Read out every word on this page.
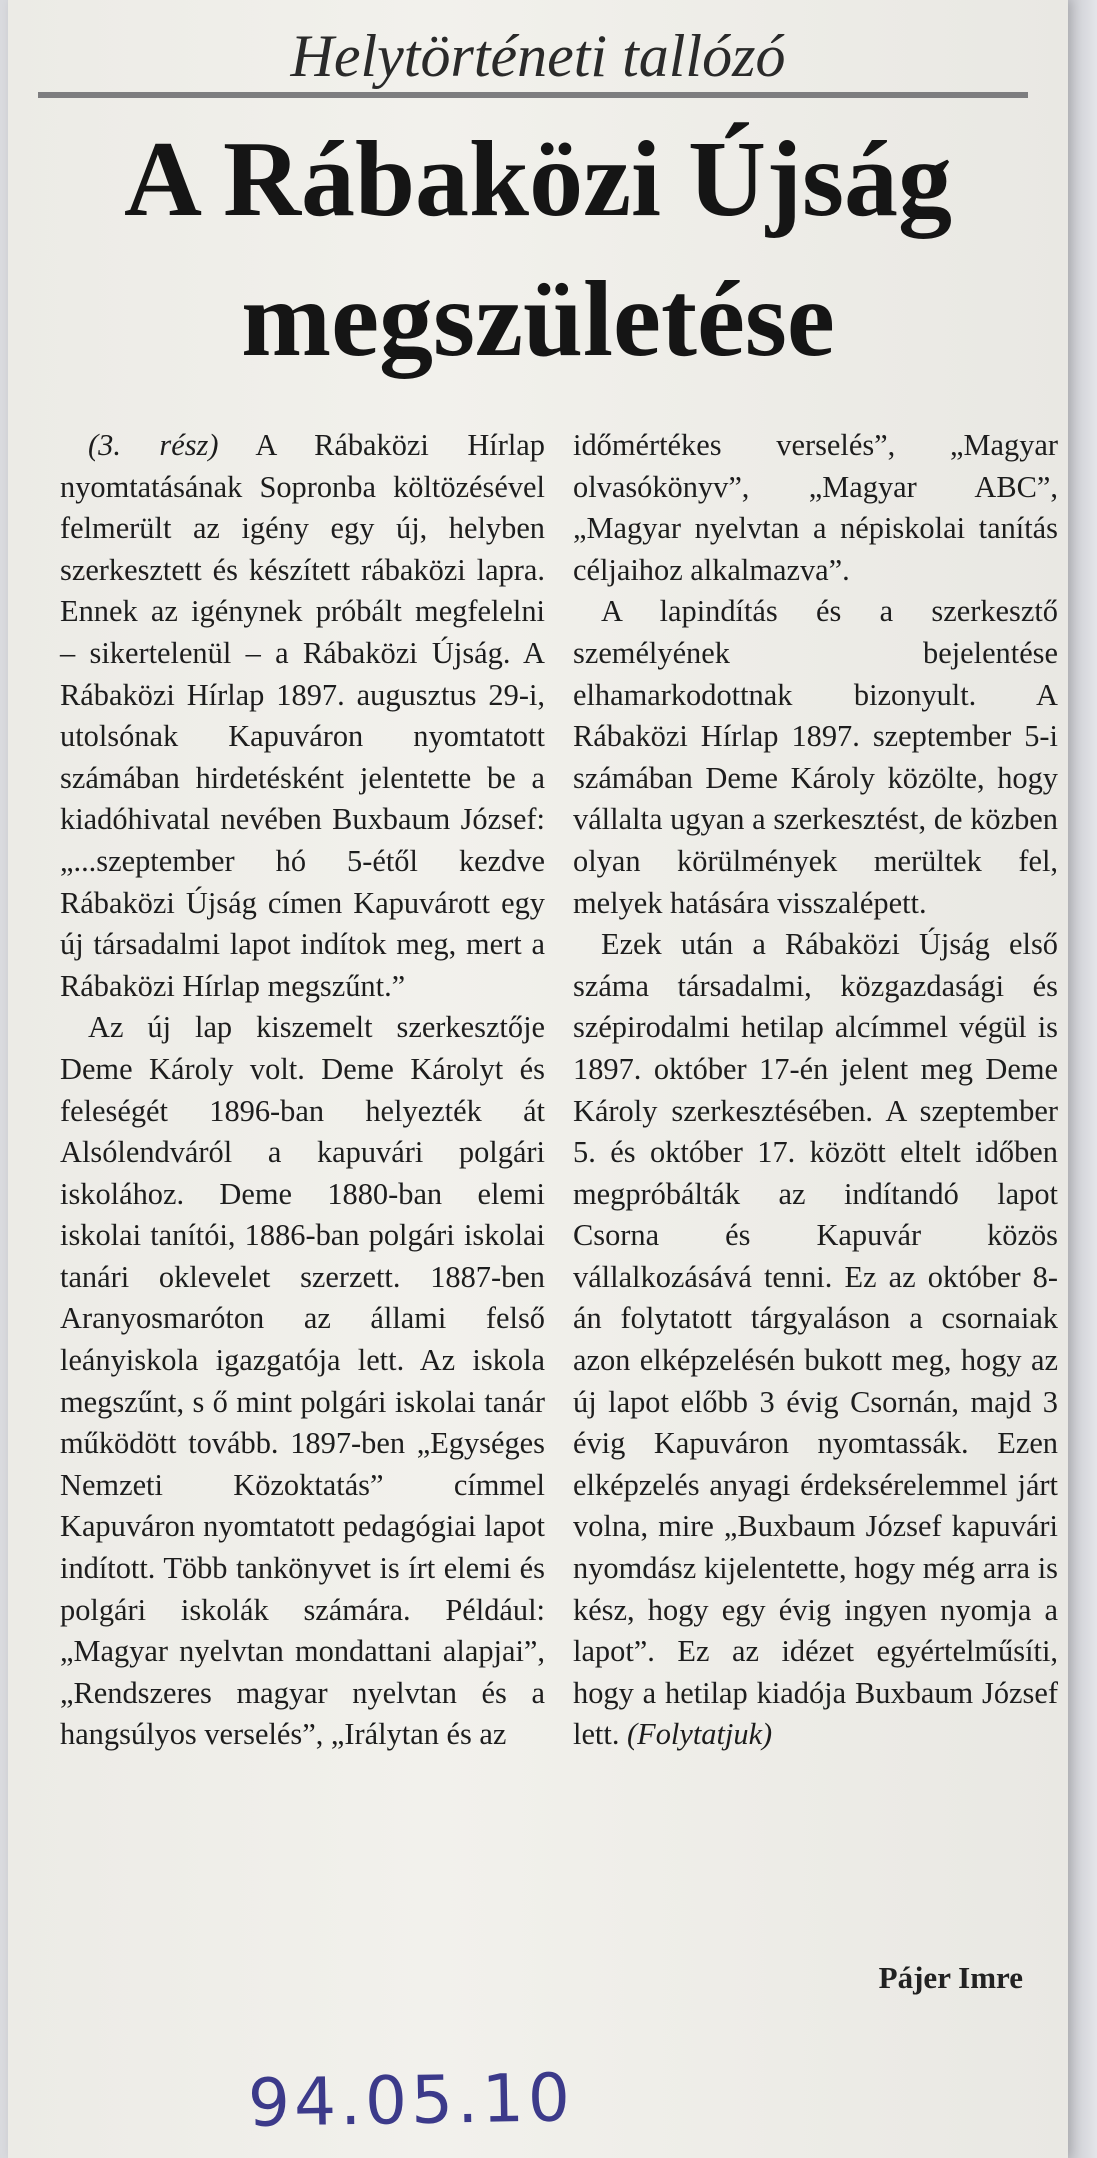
Helytörténeti tallózó
A Rábaközi Újság
megszületése

(3. rész) A Rábaközi Hírlap nyomtatásának Sopronba költözésével felmerült az igény egy új, helyben szerkesztett és készített rábaközi lapra. Ennek az igénynek próbált megfelelni – sikertelenül – a Rábaközi Újság. A Rábaközi Hírlap 1897. augusztus 29-i, utolsónak Kapuváron nyomtatott számában hirdetésként jelentette be a kiadóhivatal nevében Buxbaum József: „...szeptember hó 5-étől kezdve Rábaközi Újság címen Kapuvárott egy új társadalmi lapot indítok meg, mert a Rábaközi Hírlap megszűnt.”

Az új lap kiszemelt szerkesztője Deme Károly volt. Deme Károlyt és feleségét 1896-ban helyezték át Alsólendváról a kapuvári polgári iskolához. Deme 1880-ban elemi iskolai tanítói, 1886-ban polgári iskolai tanári oklevelet szerzett. 1887-ben Aranyosmaróton az állami felső leányiskola igazgatója lett. Az iskola megszűnt, s ő mint polgári iskolai tanár működött tovább. 1897-ben „Egységes Nemzeti Közoktatás” címmel Kapuváron nyomtatott pedagógiai lapot indított. Több tankönyvet is írt elemi és polgári iskolák számára. Például: „Magyar nyelvtan mondattani alapjai”, „Rendszeres magyar nyelvtan és a hangsúlyos verselés”, „Irálytan és az

időmértékes verselés”, „Magyar olvasókönyv”, „Magyar ABC”, „Magyar nyelvtan a népiskolai tanítás céljaihoz alkalmazva”.

A lapindítás és a szerkesztő személyének bejelentése elhamarkodottnak bizonyult. A Rábaközi Hírlap 1897. szeptember 5-i számában Deme Károly közölte, hogy vállalta ugyan a szerkesztést, de közben olyan körülmények merültek fel, melyek hatására visszalépett.

Ezek után a Rábaközi Újság első száma társadalmi, közgazdasági és szépirodalmi hetilap alcímmel végül is 1897. október 17-én jelent meg Deme Károly szerkesztésében. A szeptember 5. és október 17. között eltelt időben megpróbálták az indítandó lapot Csorna és Kapuvár közös vállalkozásává tenni. Ez az október 8-án folytatott tárgyaláson a csornaiak azon elképzelésén bukott meg, hogy az új lapot előbb 3 évig Csornán, majd 3 évig Kapuváron nyomtassák. Ezen elképzelés anyagi érdeksérelemmel járt volna, mire „Buxbaum József kapuvári nyomdász kijelentette, hogy még arra is kész, hogy egy évig ingyen nyomja a lapot”. Ez az idézet egyértelműsíti, hogy a hetilap kiadója Buxbaum József lett. (Folytatjuk)

Pájer Imre
94.05.10
